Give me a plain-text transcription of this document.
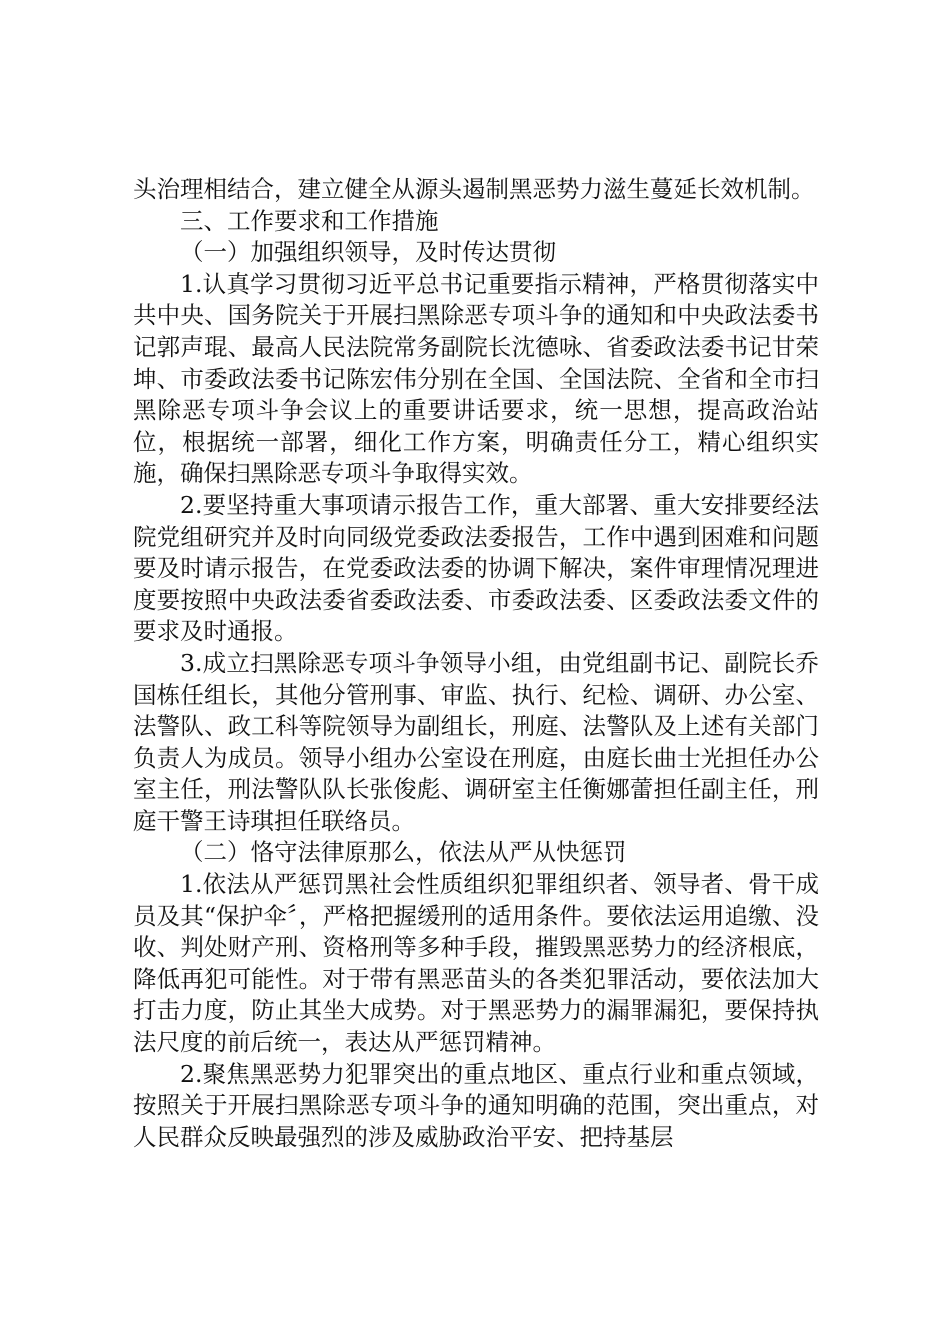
头治理相结合，建立健全从源头遏制黑恶势力滋生蔓延长效机制。

三、工作要求和工作措施

（一）加强组织领导，及时传达贯彻

1.认真学习贯彻习近平总书记重要指示精神，严格贯彻落实中共中央、国务院关于开展扫黑除恶专项斗争的通知和中央政法委书记郭声琨、最高人民法院常务副院长沈德咏、省委政法委书记甘荣坤、市委政法委书记陈宏伟分别在全国、全国法院、全省和全市扫黑除恶专项斗争会议上的重要讲话要求，统一思想，提高政治站位，根据统一部署，细化工作方案，明确责任分工，精心组织实施，确保扫黑除恶专项斗争取得实效。

2.要坚持重大事项请示报告工作，重大部署、重大安排要经法院党组研究并及时向同级党委政法委报告，工作中遇到困难和问题要及时请示报告，在党委政法委的协调下解决，案件审理情况理进度要按照中央政法委省委政法委、市委政法委、区委政法委文件的要求及时通报。

3.成立扫黑除恶专项斗争领导小组，由党组副书记、副院长乔国栋任组长，其他分管刑事、审监、执行、纪检、调研、办公室、法警队、政工科等院领导为副组长，刑庭、法警队及上述有关部门负责人为成员。领导小组办公室设在刑庭，由庭长曲士光担任办公室主任，刑法警队队长张俊彪、调研室主任衡娜蕾担任副主任，刑庭干警王诗琪担任联络员。

（二）恪守法律原那么，依法从严从快惩罚

1.依法从严惩罚黑社会性质组织犯罪组织者、领导者、骨干成员及其“保护伞〞，严格把握缓刑的适用条件。要依法运用追缴、没收、判处财产刑、资格刑等多种手段，摧毁黑恶势力的经济根底，降低再犯可能性。对于带有黑恶苗头的各类犯罪活动，要依法加大打击力度，防止其坐大成势。对于黑恶势力的漏罪漏犯，要保持执法尺度的前后统一，表达从严惩罚精神。

2.聚焦黑恶势力犯罪突出的重点地区、重点行业和重点领域，按照关于开展扫黑除恶专项斗争的通知明确的范围，突出重点，对人民群众反映最强烈的涉及威胁政治平安、把持基层
